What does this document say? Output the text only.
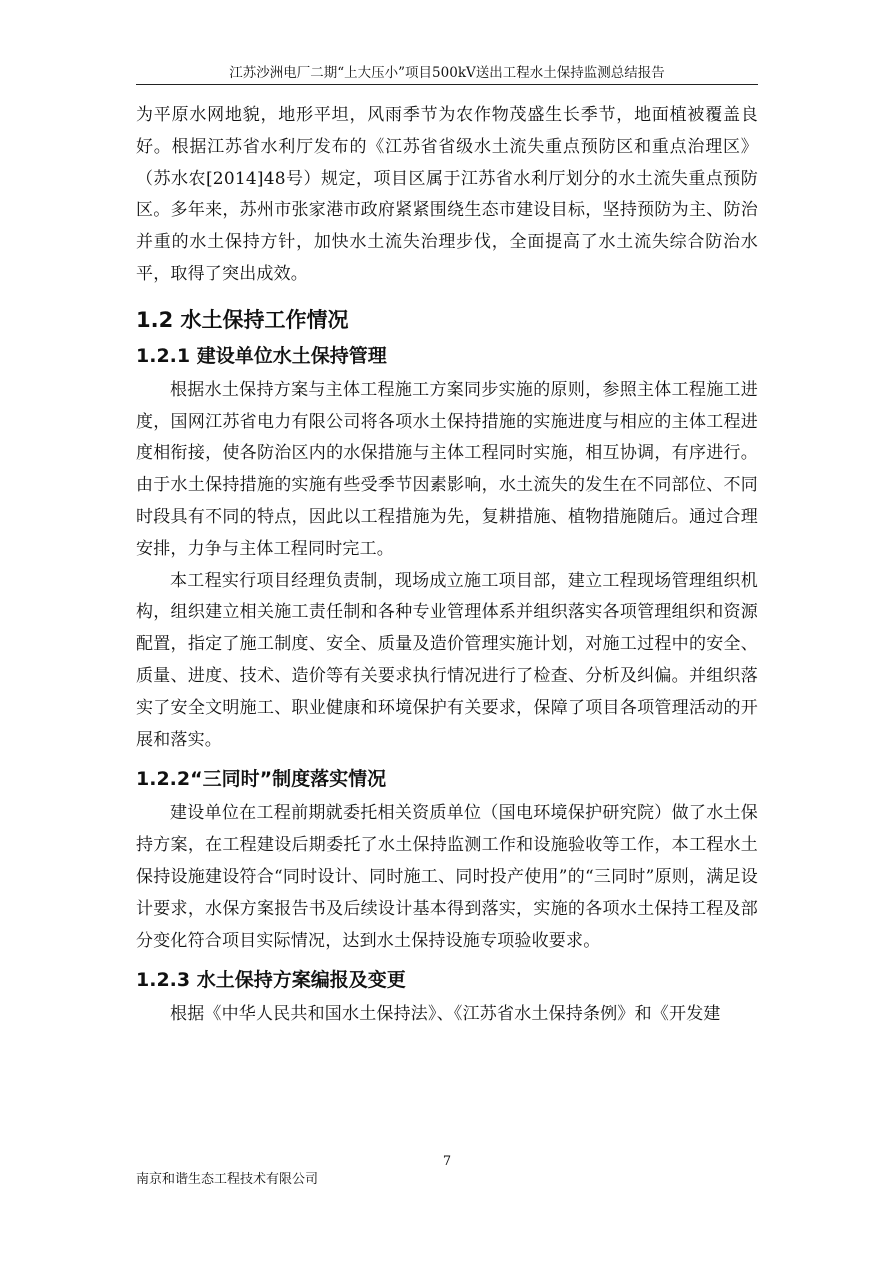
江苏沙洲电厂二期“上大压小”项目500kV送出工程水土保持监测总结报告

为平原水网地貌，地形平坦，风雨季节为农作物茂盛生长季节，地面植被覆盖良好。根据江苏省水利厅发布的《江苏省省级水土流失重点预防区和重点治理区》（苏水农[2014]48号）规定，项目区属于江苏省水利厅划分的水土流失重点预防区。多年来，苏州市张家港市政府紧紧围绕生态市建设目标，坚持预防为主、防治并重的水土保持方针，加快水土流失治理步伐，全面提高了水土流失综合防治水平，取得了突出成效。

1.2 水土保持工作情况
1.2.1 建设单位水土保持管理

根据水土保持方案与主体工程施工方案同步实施的原则，参照主体工程施工进度，国网江苏省电力有限公司将各项水土保持措施的实施进度与相应的主体工程进度相衔接，使各防治区内的水保措施与主体工程同时实施，相互协调，有序进行。由于水土保持措施的实施有些受季节因素影响，水土流失的发生在不同部位、不同时段具有不同的特点，因此以工程措施为先，复耕措施、植物措施随后。通过合理安排，力争与主体工程同时完工。

本工程实行项目经理负责制，现场成立施工项目部，建立工程现场管理组织机构，组织建立相关施工责任制和各种专业管理体系并组织落实各项管理组织和资源配置，指定了施工制度、安全、质量及造价管理实施计划，对施工过程中的安全、质量、进度、技术、造价等有关要求执行情况进行了检查、分析及纠偏。并组织落实了安全文明施工、职业健康和环境保护有关要求，保障了项目各项管理活动的开展和落实。

1.2.2“三同时”制度落实情况

建设单位在工程前期就委托相关资质单位（国电环境保护研究院）做了水土保持方案，在工程建设后期委托了水土保持监测工作和设施验收等工作，本工程水土保持设施建设符合“同时设计、同时施工、同时投产使用”的“三同时”原则，满足设计要求，水保方案报告书及后续设计基本得到落实，实施的各项水土保持工程及部分变化符合项目实际情况，达到水土保持设施专项验收要求。

1.2.3 水土保持方案编报及变更

根据《中华人民共和国水土保持法》、《江苏省水土保持条例》和《开发建

7
南京和谐生态工程技术有限公司
